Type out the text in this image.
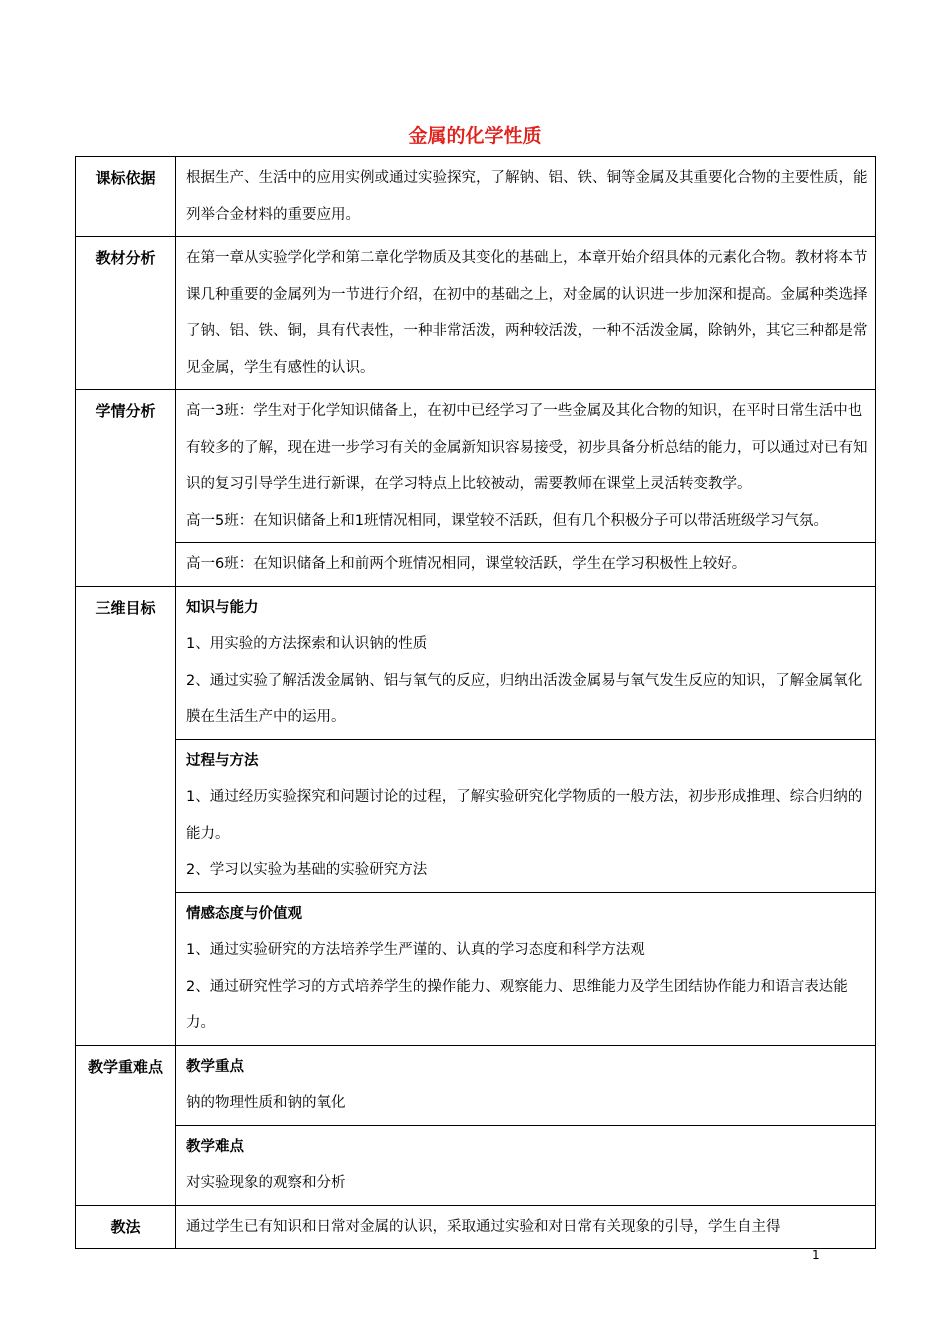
金属的化学性质
课标依据	根据生产、生活中的应用实例或通过实验探究，了解钠、铝、铁、铜等金属及其重要化合物的主要性质，能列举合金材料的重要应用。

教材分析	在第一章从实验学化学和第二章化学物质及其变化的基础上，本章开始介绍具体的元素化合物。教材将本节课几种重要的金属列为一节进行介绍，在初中的基础之上，对金属的认识进一步加深和提高。金属种类选择了钠、铝、铁、铜，具有代表性，一种非常活泼，两种较活泼，一种不活泼金属，除钠外，其它三种都是常见金属，学生有感性的认识。

学情分析	高一3班：学生对于化学知识储备上，在初中已经学习了一些金属及其化合物的知识，在平时日常生活中也有较多的了解，现在进一步学习有关的金属新知识容易接受，初步具备分析总结的能力，可以通过对已有知识的复习引导学生进行新课，在学习特点上比较被动，需要教师在课堂上灵活转变教学。

高一5班：在知识储备上和1班情况相同，课堂较不活跃，但有几个积极分子可以带活班级学习气氛。

	高一6班：在知识储备上和前两个班情况相同，课堂较活跃，学生在学习积极性上较好。

三维目标	知识与能力

1、用实验的方法探索和认识钠的性质

2、通过实验了解活泼金属钠、铝与氧气的反应，归纳出活泼金属易与氧气发生反应的知识，了解金属氧化膜在生活生产中的运用。

	过程与方法

1、通过经历实验探究和问题讨论的过程，了解实验研究化学物质的一般方法，初步形成推理、综合归纳的能力。

2、学习以实验为基础的实验研究方法

	情感态度与价值观

1、通过实验研究的方法培养学生严谨的、认真的学习态度和科学方法观

2、通过研究性学习的方式培养学生的操作能力、观察能力、思维能力及学生团结协作能力和语言表达能力。

教学重难点	教学重点

钠的物理性质和钠的氧化

	教学难点

对实验现象的观察和分析

教法	通过学生已有知识和日常对金属的认识，采取通过实验和对日常有关现象的引导，学生自主得

1
